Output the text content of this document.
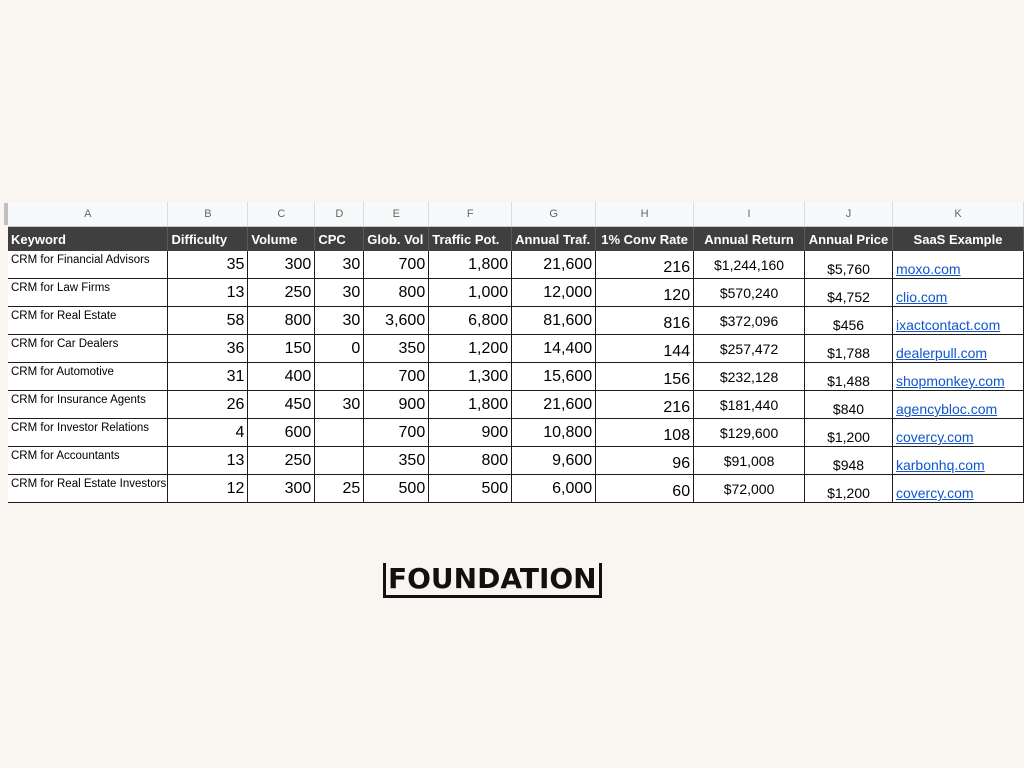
A	B	C	D	E	F	G	H	I	J	K
Keyword	Difficulty	Volume	CPC	Glob. Vol	Traffic Pot.	Annual Traf.	1% Conv Rate	Annual Return	Annual Price	SaaS Example
CRM for Financial Advisors	35	300	30	700	1,800	21,600	216	$1,244,160	$5,760	moxo.com
CRM for Law Firms	13	250	30	800	1,000	12,000	120	$570,240	$4,752	clio.com
CRM for Real Estate	58	800	30	3,600	6,800	81,600	816	$372,096	$456	ixactcontact.com
CRM for Car Dealers	36	150	0	350	1,200	14,400	144	$257,472	$1,788	dealerpull.com
CRM for Automotive	31	400		700	1,300	15,600	156	$232,128	$1,488	shopmonkey.com
CRM for Insurance Agents	26	450	30	900	1,800	21,600	216	$181,440	$840	agencybloc.com
CRM for Investor Relations	4	600		700	900	10,800	108	$129,600	$1,200	covercy.com
CRM for Accountants	13	250		350	800	9,600	96	$91,008	$948	karbonhq.com
CRM for Real Estate Investors	12	300	25	500	500	6,000	60	$72,000	$1,200	covercy.com
FOUNDATION
